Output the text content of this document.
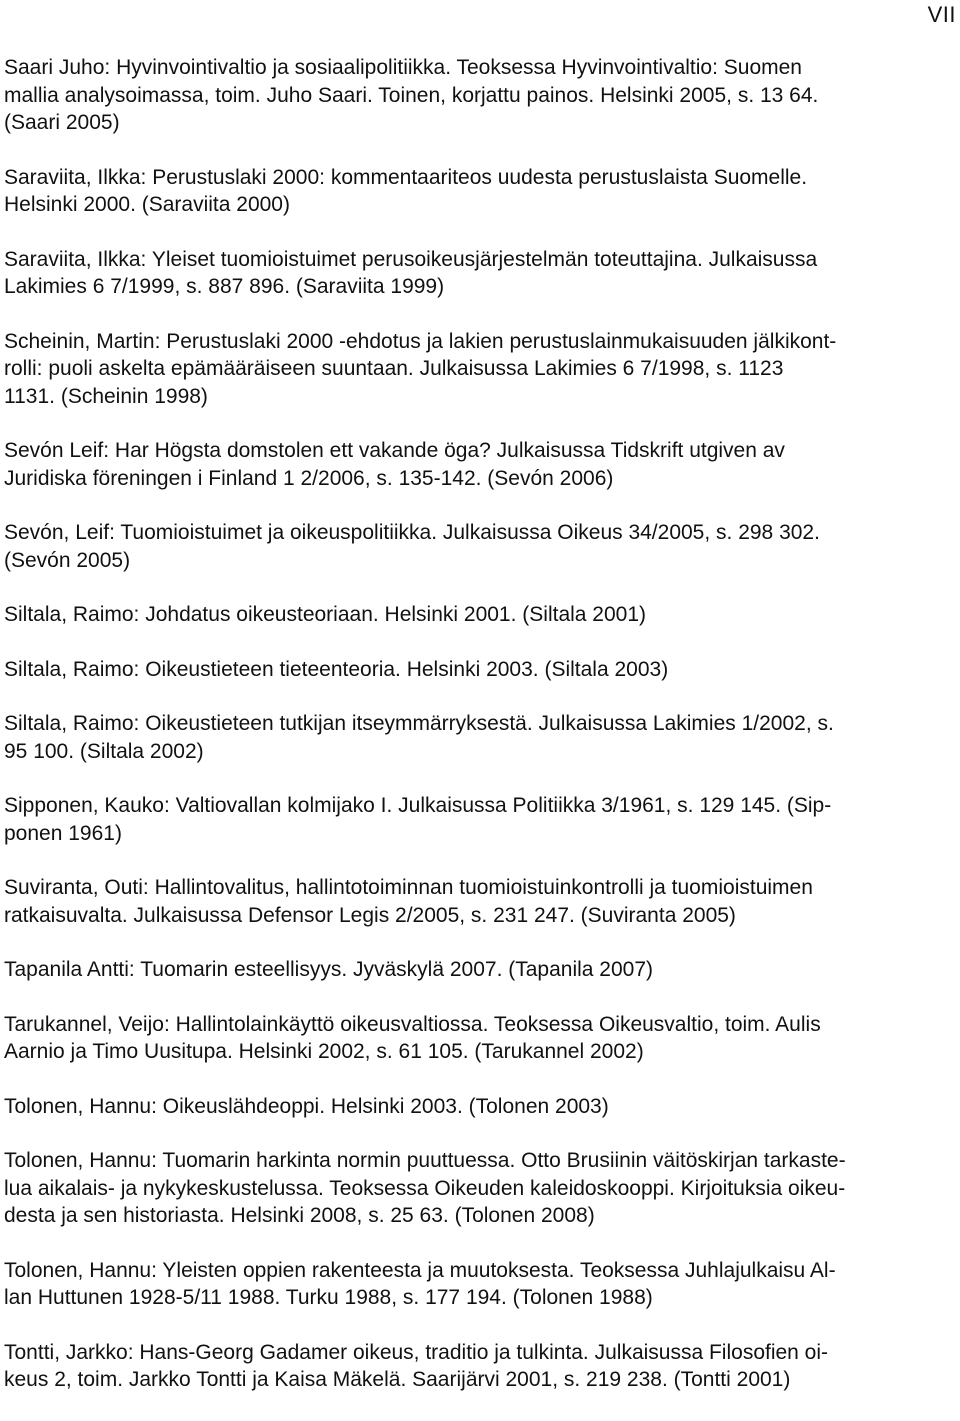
VII

Saari Juho: Hyvinvointivaltio ja sosiaalipolitiikka. Teoksessa Hyvinvointivaltio: Suomen
mallia analysoimassa, toim. Juho Saari. Toinen, korjattu painos. Helsinki 2005, s. 13 64.
(Saari 2005)

Saraviita, Ilkka: Perustuslaki 2000: kommentaariteos uudesta perustuslaista Suomelle.
Helsinki 2000. (Saraviita 2000)

Saraviita, Ilkka: Yleiset tuomioistuimet perusoikeusjärjestelmän toteuttajina. Julkaisussa
Lakimies 6 7/1999, s. 887 896. (Saraviita 1999)

Scheinin, Martin: Perustuslaki 2000 -ehdotus ja lakien perustuslainmukaisuuden jälkikont-
rolli: puoli askelta epämääräiseen suuntaan. Julkaisussa Lakimies 6 7/1998, s. 1123
1131. (Scheinin 1998)

Sevón Leif: Har Högsta domstolen ett vakande öga? Julkaisussa Tidskrift utgiven av
Juridiska föreningen i Finland 1 2/2006, s. 135-142. (Sevón 2006)

Sevón, Leif: Tuomioistuimet ja oikeuspolitiikka. Julkaisussa Oikeus 34/2005, s. 298 302.
(Sevón 2005)

Siltala, Raimo: Johdatus oikeusteoriaan. Helsinki 2001. (Siltala 2001)

Siltala, Raimo: Oikeustieteen tieteenteoria. Helsinki 2003. (Siltala 2003)

Siltala, Raimo: Oikeustieteen tutkijan itseymmärryksestä. Julkaisussa Lakimies 1/2002, s.
95 100. (Siltala 2002)

Sipponen, Kauko: Valtiovallan kolmijako I. Julkaisussa Politiikka 3/1961, s. 129 145. (Sip-
ponen 1961)

Suviranta, Outi: Hallintovalitus, hallintotoiminnan tuomioistuinkontrolli ja tuomioistuimen
ratkaisuvalta. Julkaisussa Defensor Legis 2/2005, s. 231 247. (Suviranta 2005)

Tapanila Antti: Tuomarin esteellisyys. Jyväskylä 2007. (Tapanila 2007)

Tarukannel, Veijo: Hallintolainkäyttö oikeusvaltiossa. Teoksessa Oikeusvaltio, toim. Aulis
Aarnio ja Timo Uusitupa. Helsinki 2002, s. 61 105. (Tarukannel 2002)

Tolonen, Hannu: Oikeuslähdeoppi. Helsinki 2003. (Tolonen 2003)

Tolonen, Hannu: Tuomarin harkinta normin puuttuessa. Otto Brusiinin väitöskirjan tarkaste-
lua aikalais- ja nykykeskustelussa. Teoksessa Oikeuden kaleidoskooppi. Kirjoituksia oikeu-
desta ja sen historiasta. Helsinki 2008, s. 25 63. (Tolonen 2008)

Tolonen, Hannu: Yleisten oppien rakenteesta ja muutoksesta. Teoksessa Juhlajulkaisu Al-
lan Huttunen 1928-5/11 1988. Turku 1988, s. 177 194. (Tolonen 1988)

Tontti, Jarkko: Hans-Georg Gadamer oikeus, traditio ja tulkinta. Julkaisussa Filosofien oi-
keus 2, toim. Jarkko Tontti ja Kaisa Mäkelä. Saarijärvi 2001, s. 219 238. (Tontti 2001)
